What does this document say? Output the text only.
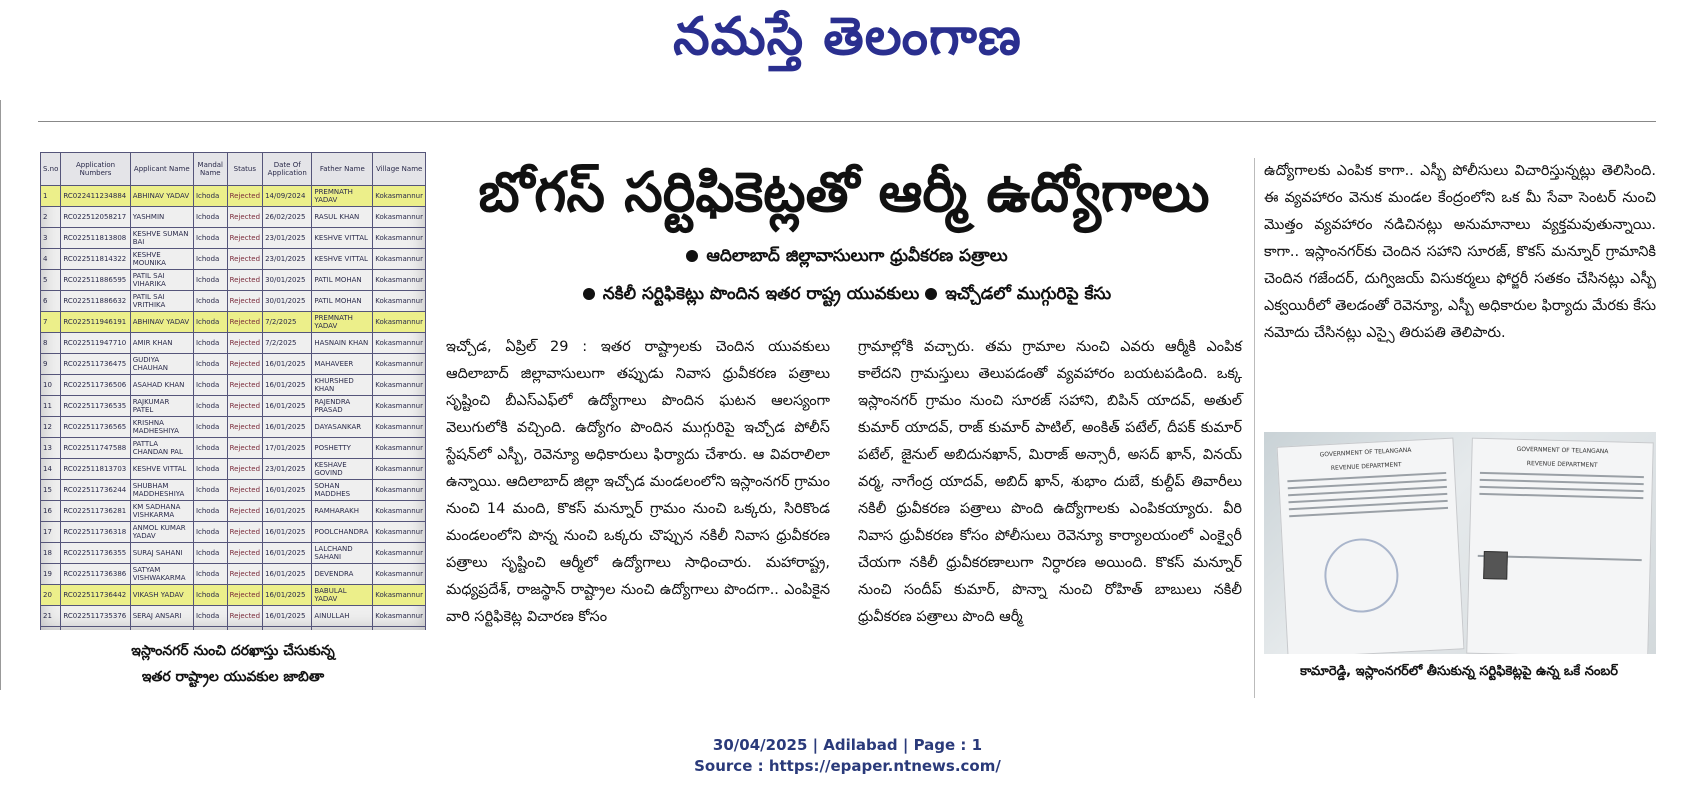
నమస్తే తెలంగాణ
S.no	Application Numbers	Applicant Name	Mandal Name	Status	Date Of Application	Father Name	Village Name
1	RC022411234884	ABHINAV YADAV	Ichoda	Rejected	14/09/2024	PREMNATH YADAV	Kokasmannur
2	RC022512058217	YASHMIN	Ichoda	Rejected	26/02/2025	RASUL KHAN	Kokasmannur
3	RC022511813808	KESHVE SUMAN BAI	Ichoda	Rejected	23/01/2025	KESHVE VITTAL	Kokasmannur
4	RC022511814322	KESHVE MOUNIKA	Ichoda	Rejected	23/01/2025	KESHVE VITTAL	Kokasmannur
5	RC022511886595	PATIL SAI VIHARIKA	Ichoda	Rejected	30/01/2025	PATIL MOHAN	Kokasmannur
6	RC022511886632	PATIL SAI VRITHIKA	Ichoda	Rejected	30/01/2025	PATIL MOHAN	Kokasmannur
7	RC022511946191	ABHINAV YADAV	Ichoda	Rejected	7/2/2025	PREMNATH YADAV	Kokasmannur
8	RC022511947710	AMIR KHAN	Ichoda	Rejected	7/2/2025	HASNAIN KHAN	Kokasmannur
9	RC022511736475	GUDIYA CHAUHAN	Ichoda	Rejected	16/01/2025	MAHAVEER	Kokasmannur
10	RC022511736506	ASAHAD KHAN	Ichoda	Rejected	16/01/2025	KHURSHED KHAN	Kokasmannur
11	RC022511736535	RAJKUMAR PATEL	Ichoda	Rejected	16/01/2025	RAJENDRA PRASAD	Kokasmannur
12	RC022511736565	KRISHNA MADHESHIYA	Ichoda	Rejected	16/01/2025	DAYASANKAR	Kokasmannur
13	RC022511747588	PATTLA CHANDAN PAL	Ichoda	Rejected	17/01/2025	POSHETTY	Kokasmannur
14	RC022511813703	KESHVE VITTAL	Ichoda	Rejected	23/01/2025	KESHAVE GOVIND	Kokasmannur
15	RC022511736244	SHUBHAM MADDHESHIYA	Ichoda	Rejected	16/01/2025	SOHAN MADDHES	Kokasmannur
16	RC022511736281	KM SADHANA VISHKARMA	Ichoda	Rejected	16/01/2025	RAMHARAKH	Kokasmannur
17	RC022511736318	ANMOL KUMAR YADAV	Ichoda	Rejected	16/01/2025	POOLCHANDRA	Kokasmannur
18	RC022511736355	SURAJ SAHANI	Ichoda	Rejected	16/01/2025	LALCHAND SAHANI	Kokasmannur
19	RC022511736386	SATYAM VISHWAKARMA	Ichoda	Rejected	16/01/2025	DEVENDRA	Kokasmannur
20	RC022511736442	VIKASH YADAV	Ichoda	Rejected	16/01/2025	BABULAL YADAV	Kokasmannur
21	RC022511735376	SERAJ ANSARI	Ichoda	Rejected	16/01/2025	AINULLAH	Kokasmannur

ఇస్లాంనగర్ నుంచి దరఖాస్తు చేసుకున్న
ఇతర రాష్ట్రాల యువకుల జాబితా
బోగస్ సర్టిఫికెట్లతో ఆర్మీ ఉద్యోగాలు
ఆదిలాబాద్ జిల్లావాసులుగా ధ్రువీకరణ పత్రాలు
నకిలీ సర్టిఫికెట్లు పొందిన ఇతర రాష్ట్ర యువకులు ఇచ్చోడలో ముగ్గురిపై కేసు
ఇచ్చోడ, ఏప్రిల్ 29 : ఇతర రాష్ట్రాలకు చెందిన యువకులు ఆదిలాబాద్ జిల్లావాసులుగా తప్పుడు నివాస ధ్రువీకరణ పత్రాలు సృష్టించి బీఎస్ఎఫ్‌లో ఉద్యోగాలు పొందిన ఘటన ఆలస్యంగా వెలుగులోకి వచ్చింది. ఉద్యోగం పొందిన ముగ్గురిపై ఇచ్చోడ పోలీస్ స్టేషన్‌లో ఎస్బీ, రెవెన్యూ అధికారులు ఫిర్యాదు చేశారు. ఆ వివరాలిలా ఉన్నాయి. ఆదిలాబాద్ జిల్లా ఇచ్చోడ మండలంలోని ఇస్లాంనగర్ గ్రామం నుంచి 14 మంది, కొకస్ మన్నూర్ గ్రామం నుంచి ఒక్కరు, సిరికొండ మండలంలోని పొన్న నుంచి ఒక్కరు చొప్పున నకిలీ నివాస ధ్రువీకరణ పత్రాలు సృష్టించి ఆర్మీలో ఉద్యోగాలు సాధించారు. మహారాష్ట్ర, మధ్యప్రదేశ్, రాజస్థాన్ రాష్ట్రాల నుంచి ఉద్యోగాలు పొందగా.. ఎంపికైన వారి సర్టిఫికెట్ల విచారణ కోసం
గ్రామాల్లోకి వచ్చారు. తమ గ్రామాల నుంచి ఎవరు ఆర్మీకి ఎంపిక కాలేదని గ్రామస్తులు తెలుపడంతో వ్యవహారం బయటపడింది. ఒక్క ఇస్లాంనగర్ గ్రామం నుంచి సూరజ్ సహాని, బిపిన్ యాదవ్, అతుల్ కుమార్ యాదవ్, రాజ్ కుమార్ పాటిల్, అంకిత్ పటేల్, దీపక్ కుమార్ పటేల్, జైనుల్ అబిదునఖాన్, మిరాజ్ అన్సారీ, అసద్ ఖాన్, వినయ్ వర్మ, నాగేంద్ర యాదవ్, అబిద్ ఖాన్, శుభాం దుబే, కుల్దీప్ తివారీలు నకిలీ ధ్రువీకరణ పత్రాలు పొంది ఉద్యోగాలకు ఎంపికయ్యారు. వీరి నివాస ధ్రువీకరణ కోసం పోలీసులు రెవెన్యూ కార్యాలయంలో ఎంక్వైరీ చేయగా నకిలీ ధ్రువీకరణాలుగా నిర్ధారణ అయింది. కొకస్ మన్నూర్ నుంచి సందీప్ కుమార్, పొన్నా నుంచి రోహిత్ బాబులు నకిలీ ధ్రువీకరణ పత్రాలు పొంది ఆర్మీ
ఉద్యోగాలకు ఎంపిక కాగా.. ఎస్బీ పోలీసులు విచారిస్తున్నట్లు తెలిసింది. ఈ వ్యవహారం వెనుక మండల కేంద్రంలోని ఒక మీ సేవా సెంటర్ నుంచి మొత్తం వ్యవహారం నడిచినట్లు అనుమానాలు వ్యక్తమవుతున్నాయి. కాగా.. ఇస్లాంనగర్‌కు చెందిన సహాని సూరజ్, కొకస్ మన్నూర్ గ్రామానికి చెందిన గజేందర్, దుగ్విజయ్ విసుకర్మలు ఫోర్జరీ సతకం చేసినట్లు ఎస్బీ ఎక్వయిరీలో తెలడంతో రెవెన్యూ, ఎస్బీ అధికారుల ఫిర్యాదు మేరకు కేసు నమోదు చేసినట్లు ఎస్సై తిరుపతి తెలిపారు.
GOVERNMENT OF TELANGANA
REVENUE DEPARTMENT
GOVERNMENT OF TELANGANA
REVENUE DEPARTMENT
కామారెడ్డి, ఇస్లాంనగర్‌లో తీసుకున్న సర్టిఫికెట్లపై ఉన్న ఒకే నంబర్
30/04/2025 | Adilabad | Page : 1
Source : https://epaper.ntnews.com/
